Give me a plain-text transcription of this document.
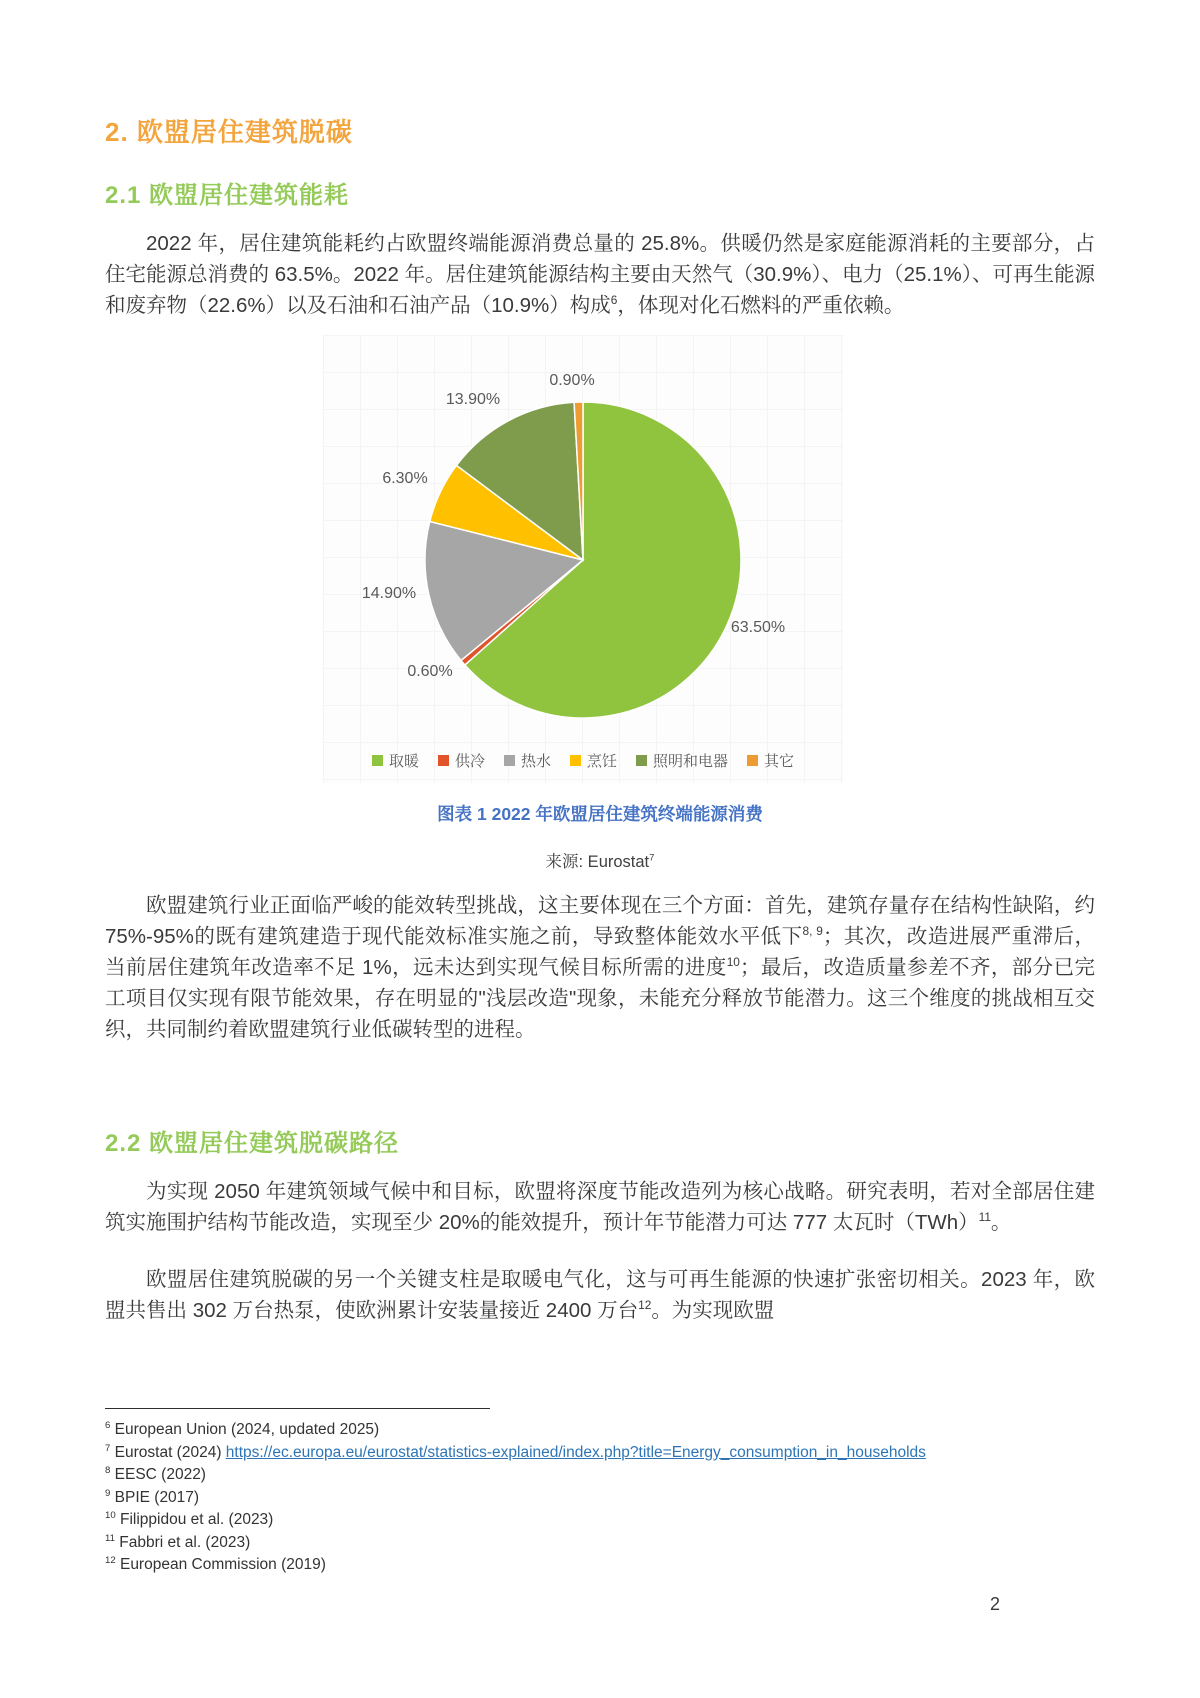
2. 欧盟居住建筑脱碳
2.1 欧盟居住建筑能耗

2022 年，居住建筑能耗约占欧盟终端能源消费总量的 25.8%。供暖仍然是家庭能源消耗的主要部分，占住宅能源总消费的 63.5%。2022 年。居住建筑能源结构主要由天然气（30.9%）、电力（25.1%）、可再生能源和废弃物（22.6%）以及石油和石油产品（10.9%）构成$^6$，体现对化石燃料的严重依赖。

63.50%
0.60%
14.90%
6.30%
13.90%
0.90%
取暖 供冷 热水 烹饪 照明和电器 其它
图表 1 2022 年欧盟居住建筑终端能源消费
来源: Eurostat$^7$

欧盟建筑行业正面临严峻的能效转型挑战，这主要体现在三个方面：首先，建筑存量存在结构性缺陷，约 75%-95%的既有建筑建造于现代能效标准实施之前，导致整体能效水平低下$^{8, 9}$；其次，改造进展严重滞后，当前居住建筑年改造率不足 1%，远未达到实现气候目标所需的进度$^{10}$；最后，改造质量参差不齐，部分已完工项目仅实现有限节能效果，存在明显的"浅层改造"现象，未能充分释放节能潜力。这三个维度的挑战相互交织，共同制约着欧盟建筑行业低碳转型的进程。

2.2 欧盟居住建筑脱碳路径

为实现 2050 年建筑领域气候中和目标，欧盟将深度节能改造列为核心战略。研究表明，若对全部居住建筑实施围护结构节能改造，实现至少 20%的能效提升，预计年节能潜力可达 777 太瓦时（TWh）$^{11}$。

欧盟居住建筑脱碳的另一个关键支柱是取暖电气化，这与可再生能源的快速扩张密切相关。2023 年，欧盟共售出 302 万台热泵，使欧洲累计安装量接近 2400 万台$^{12}$。为实现欧盟

$^6$ European Union (2024, updated 2025)
$^7$ Eurostat (2024) https://ec.europa.eu/eurostat/statistics-explained/index.php?title=Energy_consumption_in_households
$^8$ EESC (2022)
$^9$ BPIE (2017)
$^{10}$ Filippidou et al. (2023)
$^{11}$ Fabbri et al. (2023)
$^{12}$ European Commission (2019)
2
